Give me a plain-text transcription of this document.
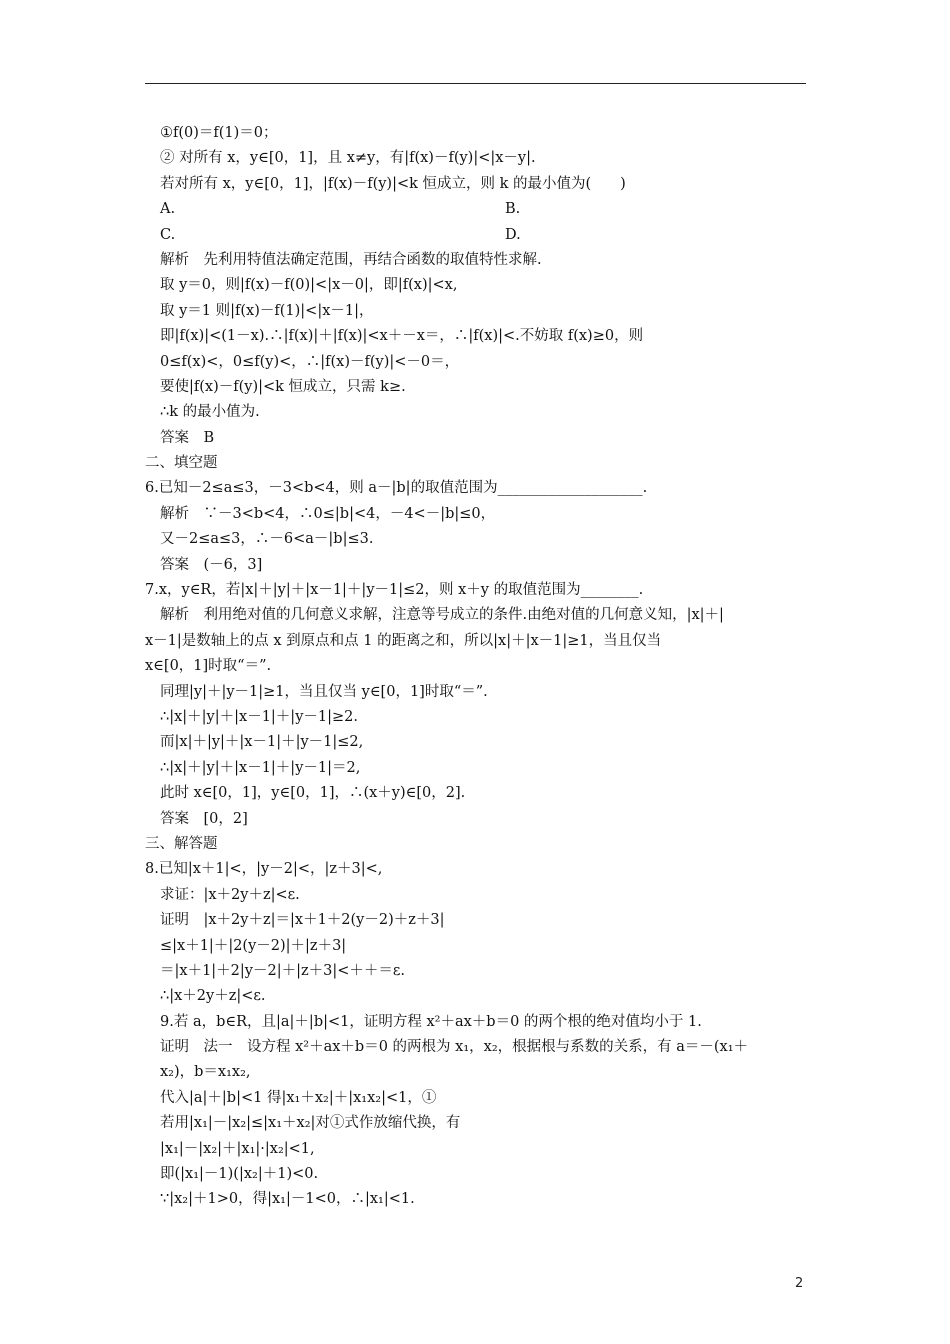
①f(0)＝f(1)＝0；
② 对所有 x，y∈[0，1]，且 x≠y，有|f(x)－f(y)|<|x－y|.
若对所有 x，y∈[0，1]，|f(x)－f(y)|<k 恒成立，则 k 的最小值为(　　)
A.	B.
C.	D.
解析　先利用特值法确定范围，再结合函数的取值特性求解.
取 y＝0，则|f(x)－f(0)|<|x－0|，即|f(x)|<x,
取 y＝1 则|f(x)－f(1)|<|x－1|，
即|f(x)|<(1－x).∴|f(x)|＋|f(x)|<x＋－x＝，∴|f(x)|<.不妨取 f(x)≥0，则
0≤f(x)<，0≤f(y)<，∴|f(x)－f(y)|<－0＝，
要使|f(x)－f(y)|<k 恒成立，只需 k≥.
∴k 的最小值为.
答案　B
二、填空题
6.已知－2≤a≤3，－3<b<4，则 a－|b|的取值范围为____________________.
解析　∵－3<b<4，∴0≤|b|<4，－4<－|b|≤0，
又－2≤a≤3，∴－6<a－|b|≤3.
答案　(－6，3]
7.x，y∈R，若|x|＋|y|＋|x－1|＋|y－1|≤2，则 x＋y 的取值范围为________.
解析　利用绝对值的几何意义求解，注意等号成立的条件.由绝对值的几何意义知，|x|＋|
x－1|是数轴上的点 x 到原点和点 1 的距离之和，所以|x|＋|x－1|≥1，当且仅当
x∈[0，1]时取“＝”.
同理|y|＋|y－1|≥1，当且仅当 y∈[0，1]时取“＝”.
∴|x|＋|y|＋|x－1|＋|y－1|≥2.
而|x|＋|y|＋|x－1|＋|y－1|≤2,
∴|x|＋|y|＋|x－1|＋|y－1|＝2,
此时 x∈[0，1]，y∈[0，1]，∴(x＋y)∈[0，2].
答案　[0，2]
三、解答题
8.已知|x＋1|<，|y－2|<，|z＋3|<,
求证：|x＋2y＋z|<ε.
证明　|x＋2y＋z|＝|x＋1＋2(y－2)＋z＋3|
≤|x＋1|＋|2(y－2)|＋|z＋3|
＝|x＋1|＋2|y－2|＋|z＋3|<＋＋＝ε.
∴|x＋2y＋z|<ε.
9.若 a，b∈R，且|a|＋|b|<1，证明方程 x²＋ax＋b＝0 的两个根的绝对值均小于 1.
证明　法一　设方程 x²＋ax＋b＝0 的两根为 x₁，x₂，根据根与系数的关系，有 a＝－(x₁＋
x₂)，b＝x₁x₂,
代入|a|＋|b|<1 得|x₁＋x₂|＋|x₁x₂|<1，①
若用|x₁|－|x₂|≤|x₁＋x₂|对①式作放缩代换，有
|x₁|－|x₂|＋|x₁|·|x₂|<1,
即(|x₁|－1)(|x₂|＋1)<0.
∵|x₂|＋1>0，得|x₁|－1<0，∴|x₁|<1.
2
